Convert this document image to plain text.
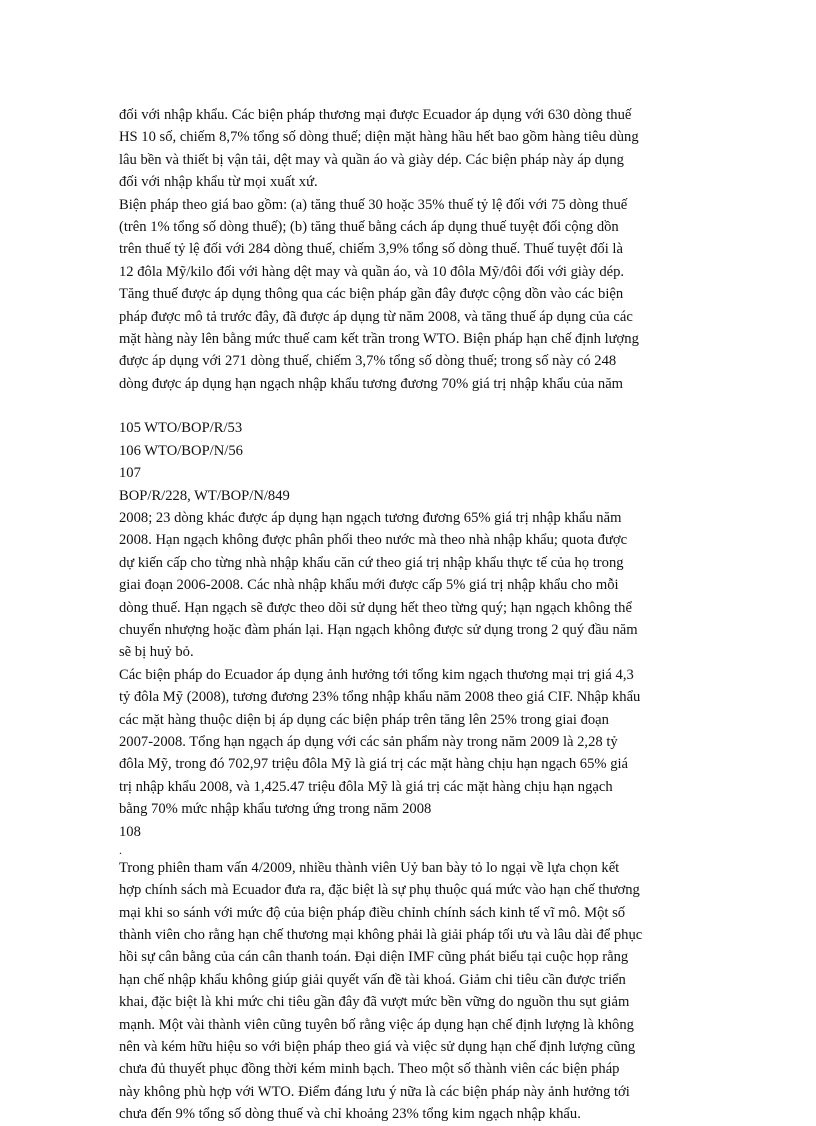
đối với nhập khẩu. Các biện pháp thương mại được Ecuador áp dụng với 630 dòng thuế
HS 10 số, chiếm 8,7% tổng số dòng thuế; diện mặt hàng hầu hết bao gồm hàng tiêu dùng
lâu bền và thiết bị vận tải, dệt may và quần áo và giày dép. Các biện pháp này áp dụng
đối với nhập khẩu từ mọi xuất xứ.
Biện pháp theo giá bao gồm: (a) tăng thuế 30 hoặc 35% thuế tỷ lệ đối với 75 dòng thuế
(trên 1% tổng số dòng thuế); (b) tăng thuế bằng cách áp dụng thuế tuyệt đối cộng dồn
trên thuế tỷ lệ đối với 284 dòng thuế, chiếm 3,9% tổng số dòng thuế. Thuế tuyệt đối là
12 đôla Mỹ/kilo đối với hàng dệt may và quần áo, và 10 đôla Mỹ/đôi đối với giày dép.
Tăng thuế được áp dụng thông qua các biện pháp gần đây được cộng dồn vào các biện
pháp được mô tả trước đây, đã được áp dụng từ năm 2008, và tăng thuế áp dụng của các
mặt hàng này lên bằng mức thuế cam kết trần trong WTO. Biện pháp hạn chế định lượng
được áp dụng với 271 dòng thuế, chiếm 3,7% tổng số dòng thuế; trong số này có 248
dòng được áp dụng hạn ngạch nhập khẩu tương đương 70% giá trị nhập khẩu của năm
105 WTO/BOP/R/53
106 WTO/BOP/N/56
107
BOP/R/228, WT/BOP/N/849
2008; 23 dòng khác được áp dụng hạn ngạch tương đương 65% giá trị nhập khẩu năm
2008. Hạn ngạch không được phân phối theo nước mà theo nhà nhập khẩu; quota được
dự kiến cấp cho từng nhà nhập khẩu căn cứ theo giá trị nhập khẩu thực tế của họ trong
giai đoạn 2006-2008. Các nhà nhập khẩu mới được cấp 5% giá trị nhập khẩu cho mỗi
dòng thuế. Hạn ngạch sẽ được theo dõi sử dụng hết theo từng quý; hạn ngạch không thể
chuyển nhượng hoặc đàm phán lại. Hạn ngạch không được sử dụng trong 2 quý đầu năm
sẽ bị huỷ bỏ.
Các biện pháp do Ecuador áp dụng ảnh hưởng tới tổng kim ngạch thương mại trị giá 4,3
tỷ đôla Mỹ (2008), tương đương 23% tổng nhập khẩu năm 2008 theo giá CIF. Nhập khẩu
các mặt hàng thuộc diện bị áp dụng các biện pháp trên tăng lên 25% trong giai đoạn
2007-2008. Tổng hạn ngạch áp dụng với các sản phẩm này trong năm 2009 là 2,28 tỷ
đôla Mỹ, trong đó 702,97 triệu đôla Mỹ là giá trị các mặt hàng chịu hạn ngạch 65% giá
trị nhập khẩu 2008, và 1,425.47 triệu đôla Mỹ là giá trị các mặt hàng chịu hạn ngạch
bằng 70% mức nhập khẩu tương ứng trong năm 2008
108
.
Trong phiên tham vấn 4/2009, nhiều thành viên Uỷ ban bày tỏ lo ngại về lựa chọn kết
hợp chính sách mà Ecuador đưa ra, đặc biệt là sự phụ thuộc quá mức vào hạn chế thương
mại khi so sánh với mức độ của biện pháp điều chỉnh chính sách kinh tế vĩ mô. Một số
thành viên cho rằng hạn chế thương mại không phải là giải pháp tối ưu và lâu dài để phục
hồi sự cân bằng của cán cân thanh toán. Đại diện IMF cũng phát biểu tại cuộc họp rằng
hạn chế nhập khẩu không giúp giải quyết vấn đề tài khoá. Giảm chi tiêu cần được triển
khai, đặc biệt là khi mức chi tiêu gần đây đã vượt mức bền vững do nguồn thu sụt giảm
mạnh. Một vài thành viên cũng tuyên bố rằng việc áp dụng hạn chế định lượng là không
nên và kém hữu hiệu so với biện pháp theo giá và việc sử dụng hạn chế định lượng cũng
chưa đủ thuyết phục đồng thời kém minh bạch. Theo một số thành viên các biện pháp
này không phù hợp với WTO. Điểm đáng lưu ý nữa là các biện pháp này ảnh hưởng tới
chưa đến 9% tổng số dòng thuế và chỉ khoảng 23% tổng kim ngạch nhập khẩu.
